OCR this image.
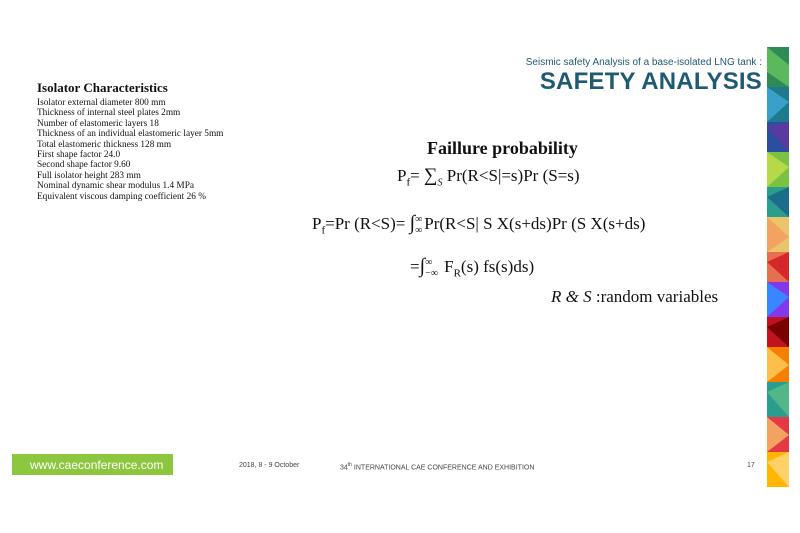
Seismic safety Analysis of a base-isolated LNG tank :
SAFETY ANALYSIS
Isolator Characteristics
Isolator external diameter 800 mm
Thickness of internal steel plates 2mm
Number of elastomeric layers 18
Thickness of an individual elastomeric layer 5mm
Total elastomeric thickness 128 mm
First shape factor 24.0
Second shape factor 9.60
Full isolator height 283 mm
Nominal dynamic shear modulus 1.4 MPa
Equivalent viscous damping coefficient 26 %
Faillure probability
$P_f= \sum_S$ Pr(R<S|=s)Pr (S=s)
$P_f=Pr$ (R<S)= ∫ ∞
∞ Pr(R<S| S X(s+ds)Pr (S X(s+ds)
=∫ ∞
−∞ $F_R(s)$ fs(s)ds)
R & S :random variables
www.caeconference.com	2018, 8 - 9 October	34th INTERNATIONAL CAE CONFERENCE AND EXHIBITION	17
